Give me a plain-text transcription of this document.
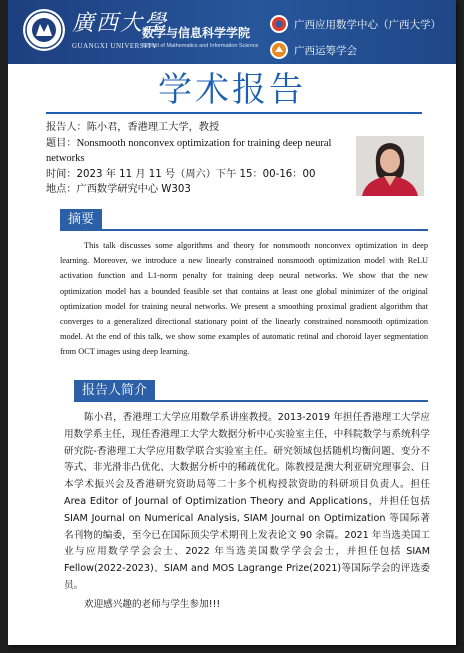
廣西大學
GUANGXI UNIVERSITY
数学与信息科学学院
School of Mathematics and Information Science
广西应用数学中心（广西大学）
广西运筹学会
学术报告
报告人：陈小君，香港理工大学，教授
题目：Nonsmooth nonconvex optimization for training deep neural networks
时间：2023 年 11 月 11 号（周六）下午 15：00-16：00
地点：广西数学研究中心 W303
摘要
This talk discusses some algorithms and theory for nonsmooth nonconvex optimization in deep learning. Moreover, we introduce a new linearly constrained nonsmooth optimization model with ReLU activation function and L1-norm penalty for training deep neural networks. We show that the new optimization model has a bounded feasible set that contains at least one global minimizer of the original optimization model for training neural networks. We present a smoothing proximal gradient algorithm that converges to a generalized directional stationary point of the linearly constrained nonsmooth optimization model. At the end of this talk, we show some examples of automatic retinal and choroid layer segmentation from OCT images using deep learning.
报告人简介
陈小君，香港理工大学应用数学系讲座教授。2013-2019 年担任香港理工大学应用数学系主任，现任香港理工大学大数据分析中心实验室主任，中科院数学与系统科学研究院-香港理工大学应用数学联合实验室主任。研究领域包括随机均衡问题、变分不等式、非光滑非凸优化、大数据分析中的稀疏优化。陈教授是澳大利亚研究理事会、日本学术振兴会及香港研究资助局等二十多个机构授款资助的科研项目负责人。担任 Area Editor of Journal of Optimization Theory and Applications，并担任包括 SIAM Journal on Numerical Analysis, SIAM Journal on Optimization 等国际著名刊物的编委，至今已在国际顶尖学术期刊上发表论文 90 余篇。2021 年当选美国工业与应用数学学会会士、2022 年当选美国数学学会会士，并担任包括 SIAM Fellow(2022-2023)、SIAM and MOS Lagrange Prize(2021)等国际学会的评选委员。
欢迎感兴趣的老师与学生参加!!!
